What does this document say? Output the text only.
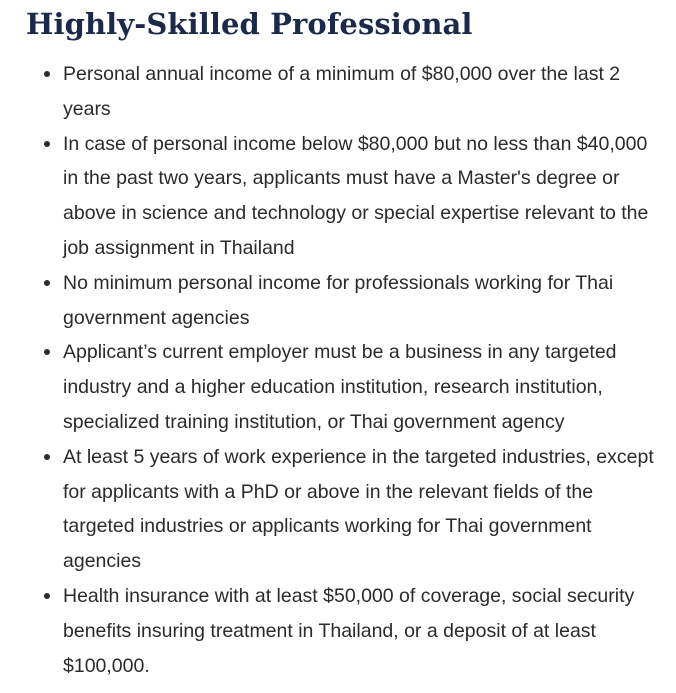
Highly-Skilled Professional
Personal annual income of a minimum of $80,000 over the last 2 years
In case of personal income below $80,000 but no less than $40,000 in the past two years, applicants must have a Master's degree or above in science and technology or special expertise relevant to the job assignment in Thailand
No minimum personal income for professionals working for Thai government agencies
Applicant’s current employer must be a business in any targeted industry and a higher education institution, research institution, specialized training institution, or Thai government agency
At least 5 years of work experience in the targeted industries, except for applicants with a PhD or above in the relevant fields of the targeted industries or applicants working for Thai government agencies
Health insurance with at least $50,000 of coverage, social security benefits insuring treatment in Thailand, or a deposit of at least $100,000.
